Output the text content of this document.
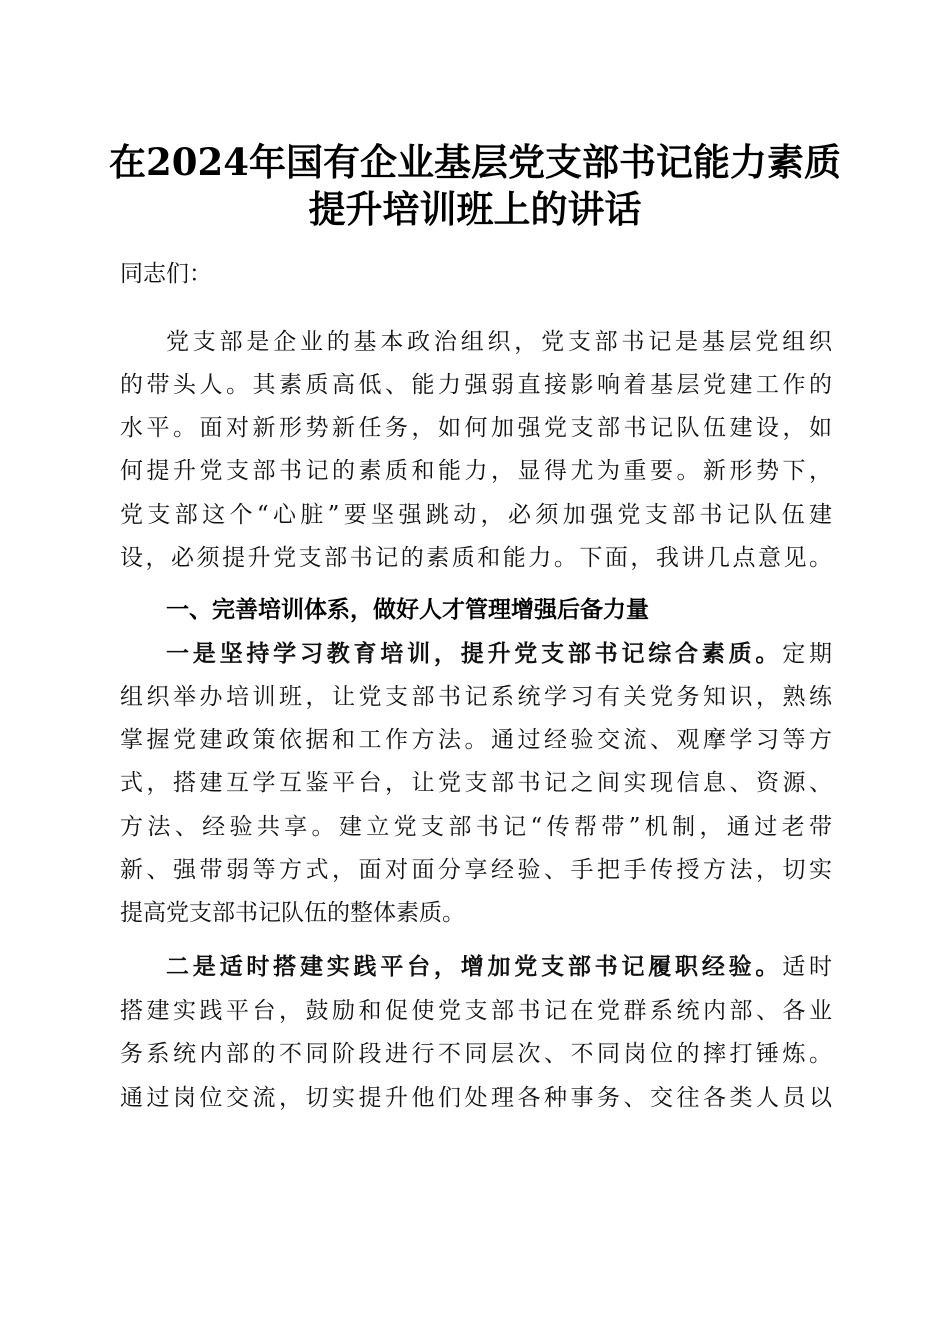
在2024年国有企业基层党支部书记能力素质
提升培训班上的讲话
同志们：
党支部是企业的基本政治组织，党支部书记是基层党组织
的带头人。其素质高低、能力强弱直接影响着基层党建工作的
水平。面对新形势新任务，如何加强党支部书记队伍建设，如
何提升党支部书记的素质和能力，显得尤为重要。新形势下，
党支部这个“心脏”要坚强跳动，必须加强党支部书记队伍建
设，必须提升党支部书记的素质和能力。下面，我讲几点意见。
一、完善培训体系，做好人才管理增强后备力量
一是坚持学习教育培训，提升党支部书记综合素质。定期
组织举办培训班，让党支部书记系统学习有关党务知识，熟练
掌握党建政策依据和工作方法。通过经验交流、观摩学习等方
式，搭建互学互鉴平台，让党支部书记之间实现信息、资源、
方法、经验共享。建立党支部书记“传帮带”机制，通过老带
新、强带弱等方式，面对面分享经验、手把手传授方法，切实
提高党支部书记队伍的整体素质。
二是适时搭建实践平台，增加党支部书记履职经验。适时
搭建实践平台，鼓励和促使党支部书记在党群系统内部、各业
务系统内部的不同阶段进行不同层次、不同岗位的摔打锤炼。
通过岗位交流，切实提升他们处理各种事务、交往各类人员以
